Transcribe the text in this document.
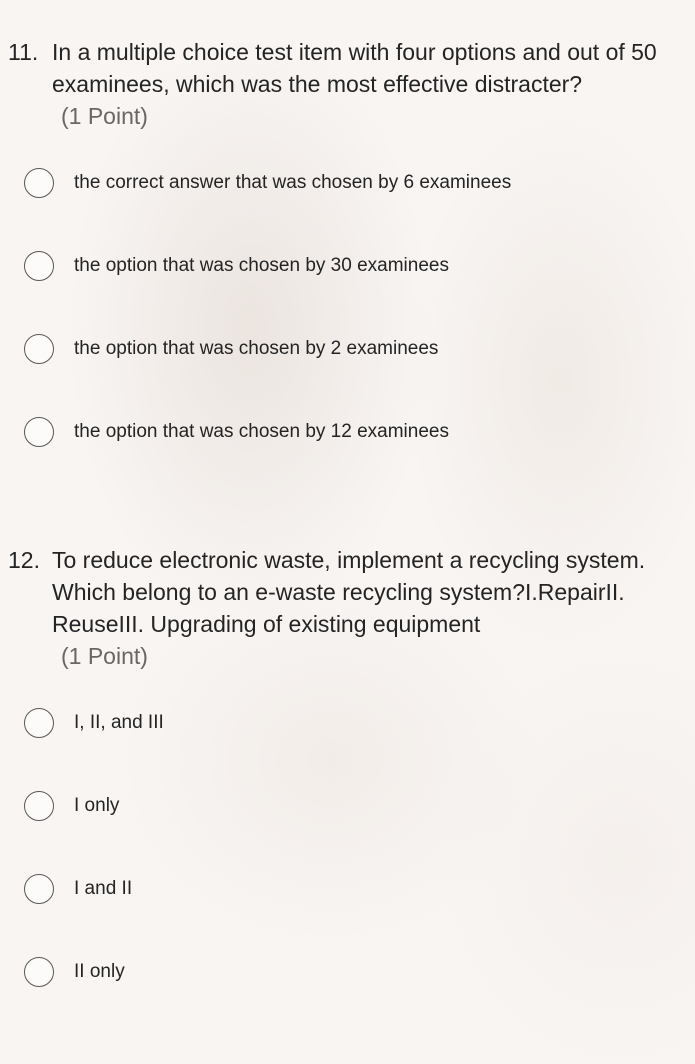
11. In a multiple choice test item with four options and out of 50 examinees, which was the most effective distracter?
(1 Point)
the correct answer that was chosen by 6 examinees
the option that was chosen by 30 examinees
the option that was chosen by 2 examinees
the option that was chosen by 12 examinees
12. To reduce electronic waste, implement a recycling system. Which belong to an e-waste recycling system?I.RepairII. ReuseIII. Upgrading of existing equipment
(1 Point)
I, II, and III
I only
I and II
II only
